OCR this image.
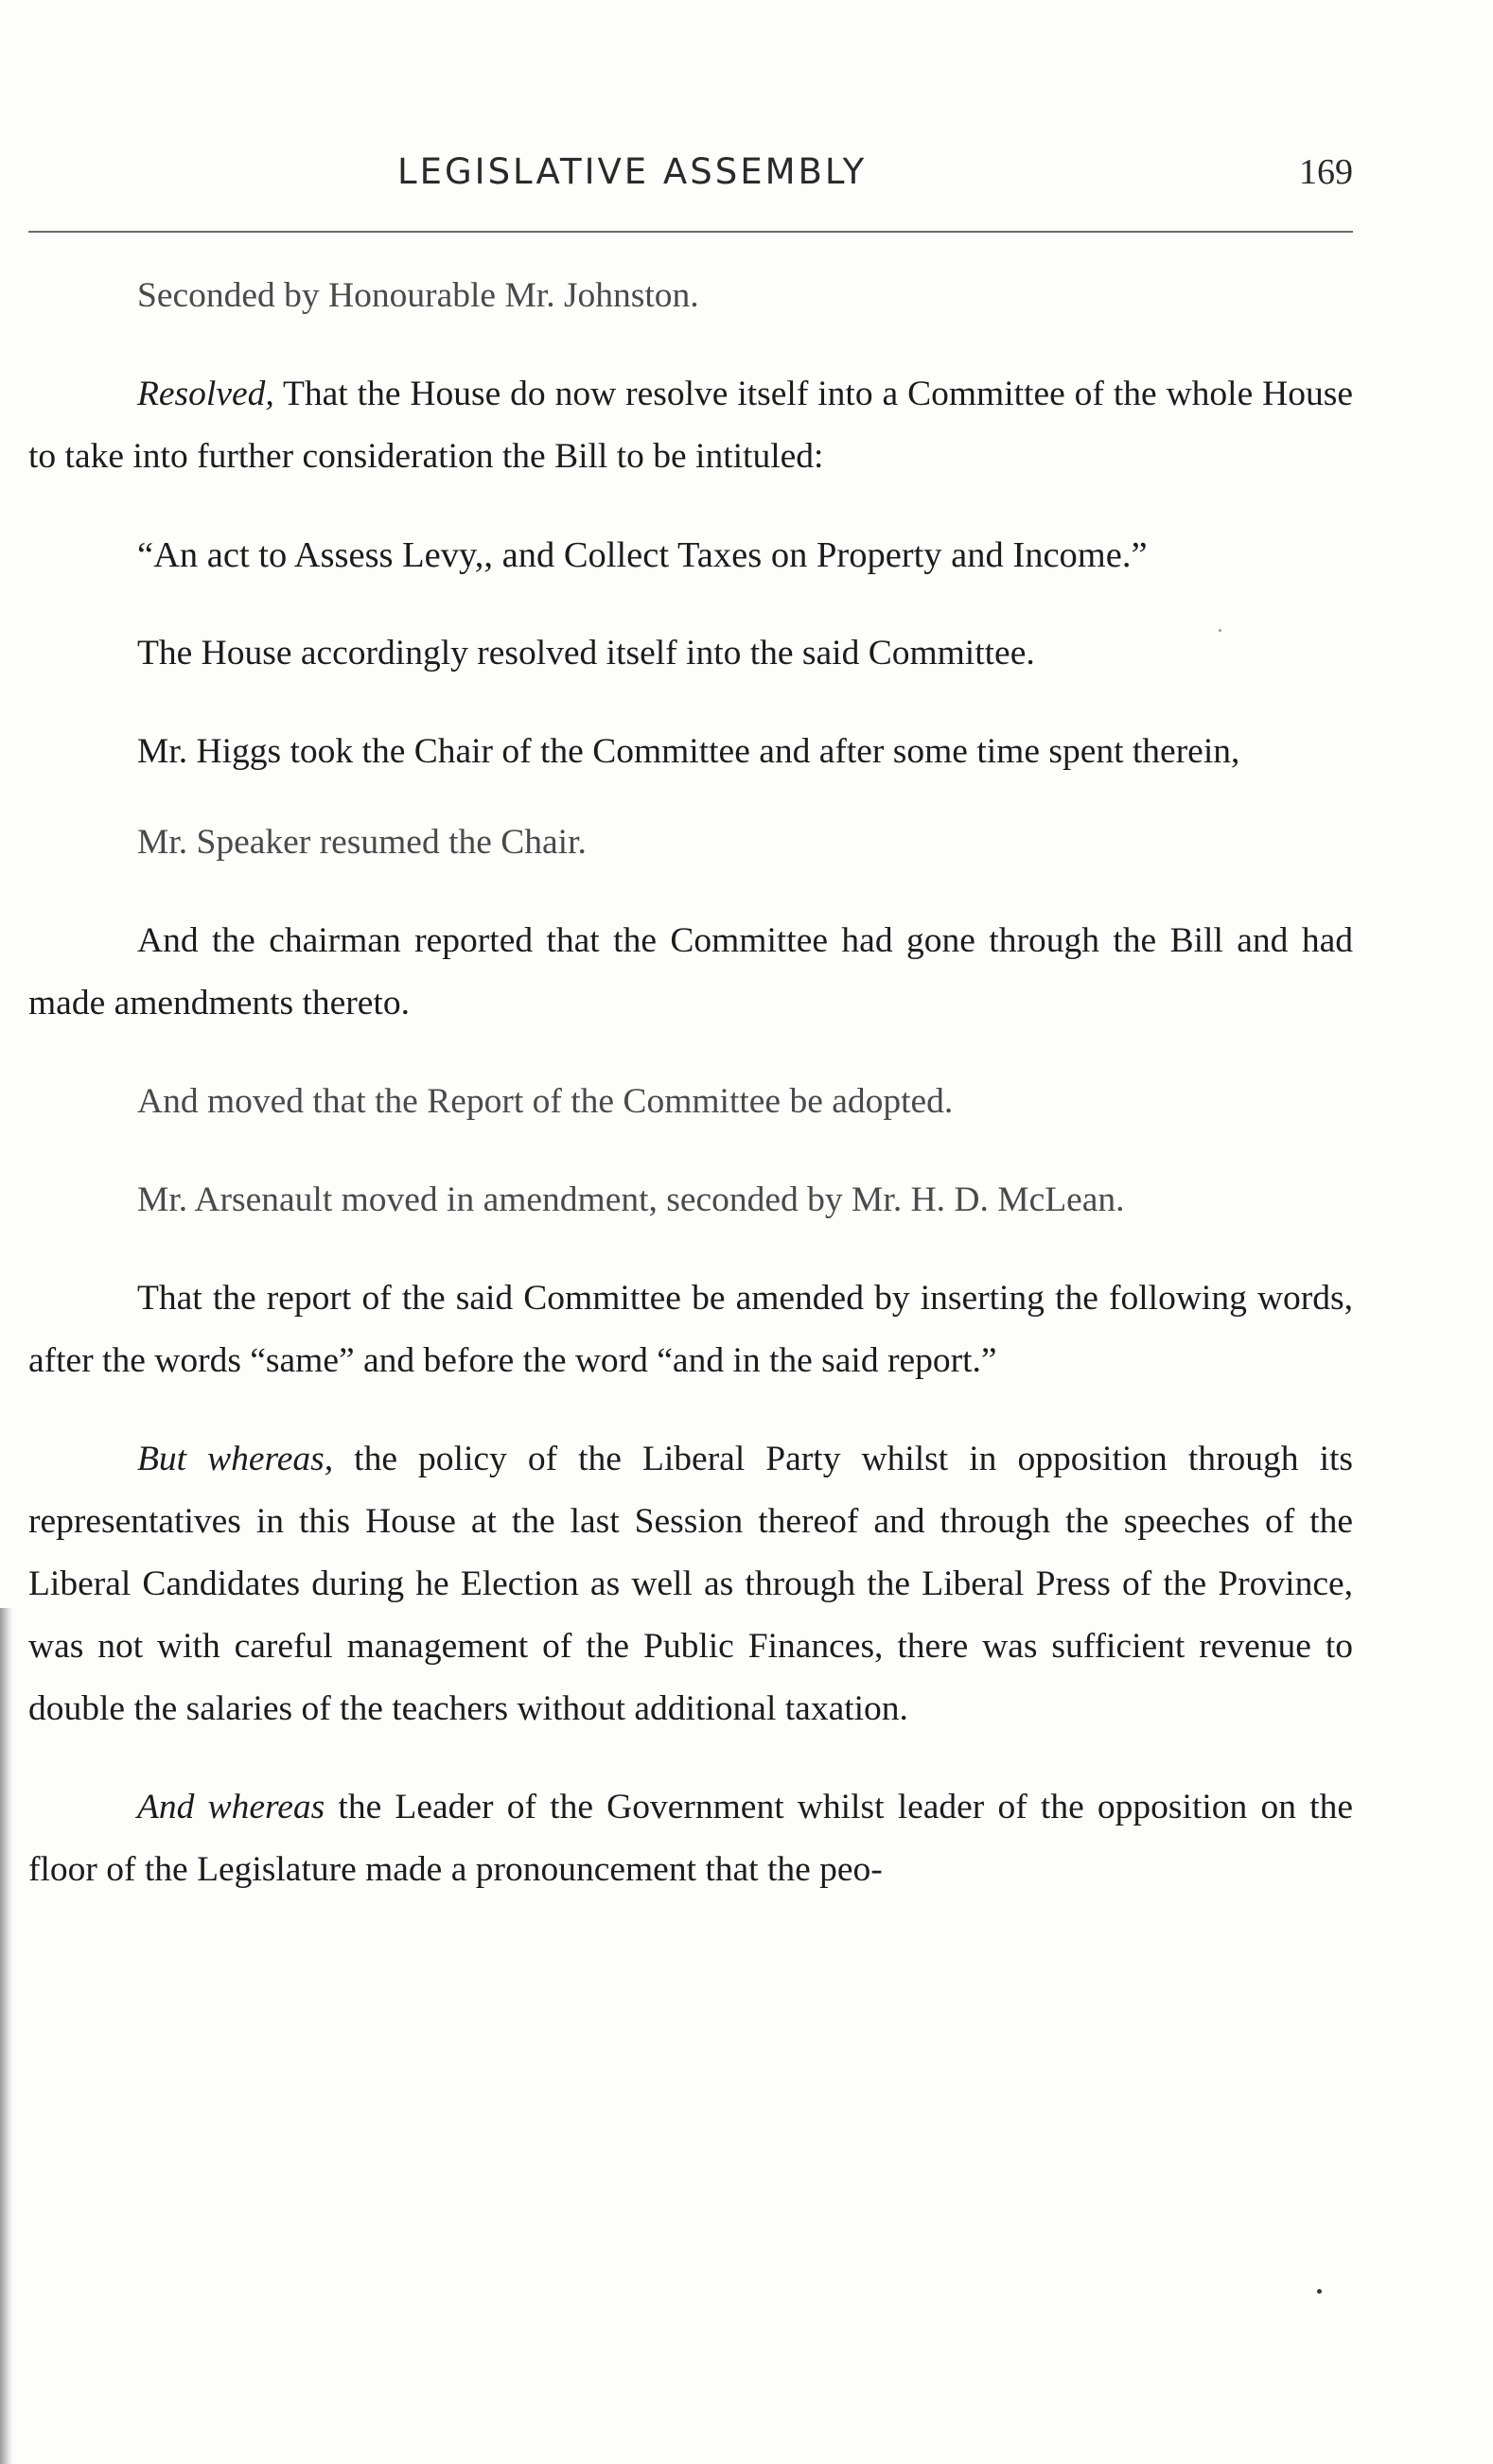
LEGISLATIVE ASSEMBLY	169

Seconded by Honourable Mr. Johnston.

Resolved, That the House do now resolve itself into a Committee of the whole House to take into further consideration the Bill to be intituled:

“An act to Assess Levy,, and Collect Taxes on Property and Income.”

The House accordingly resolved itself into the said Committee.

Mr. Higgs took the Chair of the Committee and after some time spent therein,

Mr. Speaker resumed the Chair.

And the chairman reported that the Committee had gone through the Bill and had made amendments thereto.

And moved that the Report of the Committee be adopted.

Mr. Arsenault moved in amendment, seconded by Mr. H. D. McLean.

That the report of the said Committee be amended by inserting the following words, after the words “same” and before the word “and in the said report.”

But whereas, the policy of the Liberal Party whilst in opposition through its representatives in this House at the last Session thereof and through the speeches of the Liberal Candidates during he Election as well as through the Liberal Press of the Province, was not with careful management of the Public Finances, there was sufficient revenue to double the salaries of the teachers without additional taxation.

And whereas the Leader of the Government whilst leader of the opposition on the floor of the Legislature made a pronouncement that the peo-
